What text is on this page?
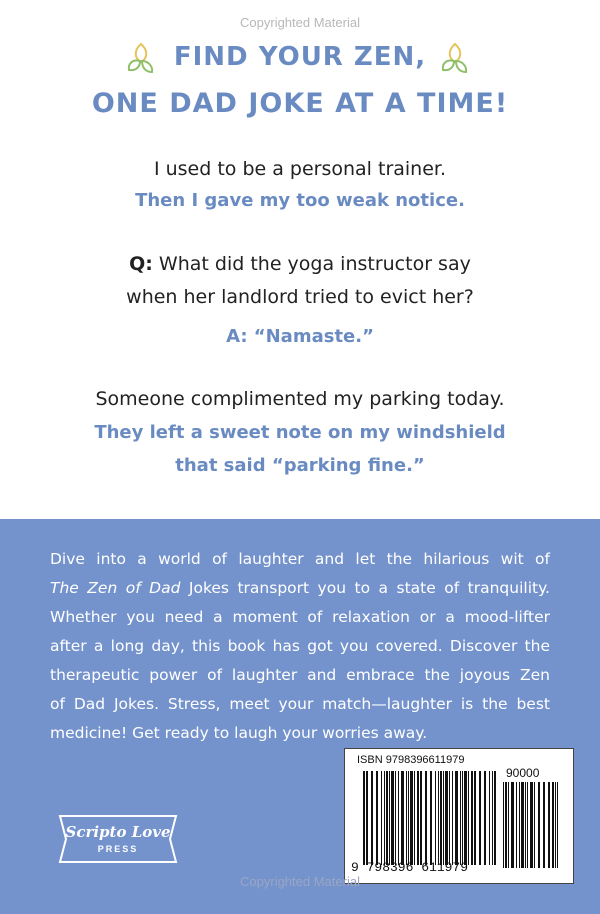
Copyrighted Material
FIND YOUR ZEN,
ONE DAD JOKE AT A TIME!
I used to be a personal trainer.
Then I gave my too weak notice.
Q: What did the yoga instructor say
when her landlord tried to evict her?
A: “Namaste.”
Someone complimented my parking today.
They left a sweet note on my windshield
that said “parking fine.”
Dive into a world of laughter and let the hilarious wit of
The Zen of Dad Jokes transport you to a state of tranquility.
Whether you need a moment of relaxation or a mood-lifter
after a long day, this book has got you covered. Discover the
therapeutic power of laughter and embrace the joyous Zen
of Dad Jokes. Stress, meet your match—laughter is the best
medicine! Get ready to laugh your worries away.
ISBN 9798396611979
90000
9 798396 611979
Copyrighted Material
Scripto Love
PRESS
